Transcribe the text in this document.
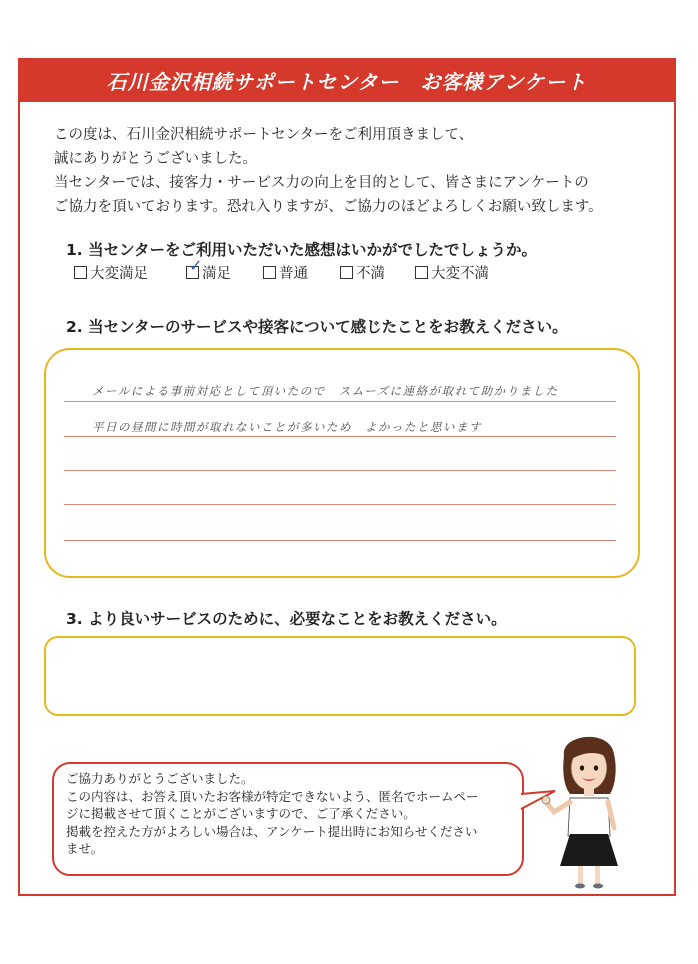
石川金沢相続サポートセンター　お客様アンケート

この度は、石川金沢相続サポートセンターをご利用頂きまして、

誠にありがとうございました。

当センターでは、接客力・サービス力の向上を目的として、皆さまにアンケートの

ご協力を頂いております。恐れ入りますが、ご協力のほどよろしくお願い致します。

1. 当センターをご利用いただいた感想はいかがでしたでしょうか。
大変満足	✓ 満足	普通	不満	大変不満
2. 当センターのサービスや接客について感じたことをお教えください。
メールによる事前対応として頂いたので　スムーズに連絡が取れて助かりました
平日の昼間に時間が取れないことが多いため　よかったと思います
3. より良いサービスのために、必要なことをお教えください。

ご協力ありがとうございました。

この内容は、お答え頂いたお客様が特定できないよう、匿名でホームペー

ジに掲載させて頂くことがございますので、ご了承ください。

掲載を控えた方がよろしい場合は、アンケート提出時にお知らせください

ませ。
